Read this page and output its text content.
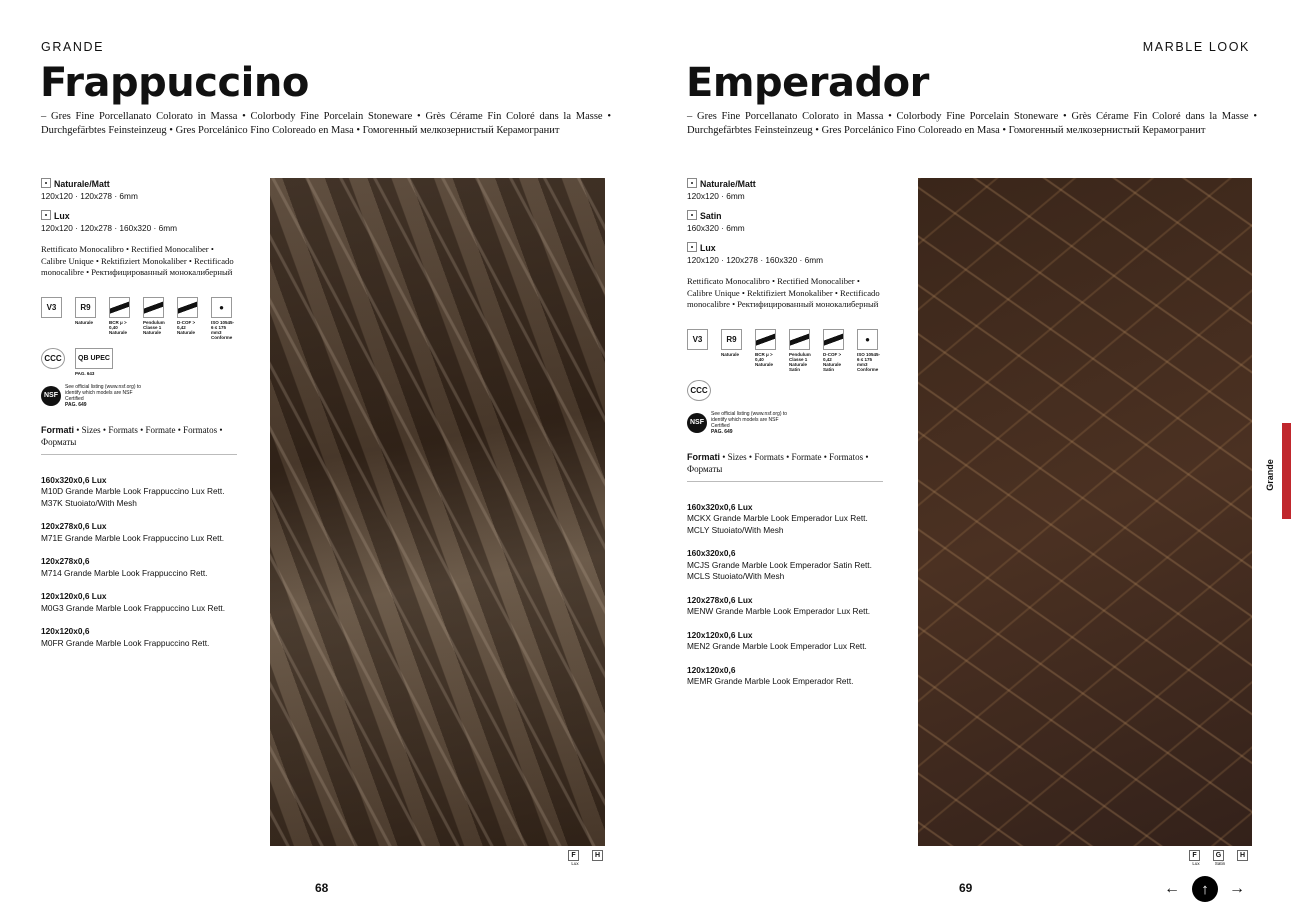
GRANDE	MARBLE LOOK
Frappuccino	Emperador
– Gres Fine Porcellanato Colorato in Massa • Colorbody Fine Porcelain Stoneware • Grès Cérame Fin Coloré dans la Masse • Durchgefärbtes Feinsteinzeug • Gres Porcelánico Fino Coloreado en Masa • Гомогенный мелкозернистый Керамогранит
– Gres Fine Porcellanato Colorato in Massa • Colorbody Fine Porcelain Stoneware • Grès Cérame Fin Coloré dans la Masse • Durchgefärbtes Feinsteinzeug • Gres Porcelánico Fino Coloreado en Masa • Гомогенный мелкозернистый Керамогранит
Naturale/Matt
120x120 · 120x278 · 6mm
Lux
120x120 · 120x278 · 160x320 · 6mm
Rettificato Monocalibro • Rectified Monocaliber • Calibre Unique • Rektifiziert Monokaliber • Rectificado monocalibre • Ректифицированный монокалиберный
V3	R9
Naturale	BCR μ > 0,40 Naturale
Pendulum Classe 1 Naturale
D-COF > 0,42 Naturale
●
ISO 10545-6 ≤ 175 mm3 Conforme
CCC	QB UPEC
PAG. 643
NSF
See official listing (www.nsf.org) to identify which models are NSF Certified
PAG. 649
Formati • Sizes • Formats • Formate • Formatos • Форматы
160x320x0,6 Lux
M10D Grande Marble Look Frappuccino Lux Rett.
M37K Stuoiato/With Mesh
120x278x0,6 Lux
M71E Grande Marble Look Frappuccino Lux Rett.
120x278x0,6
M714 Grande Marble Look Frappuccino Rett.
120x120x0,6 Lux
M0G3 Grande Marble Look Frappuccino Lux Rett.
120x120x0,6
M0FR Grande Marble Look Frappuccino Rett.
Naturale/Matt
120x120 · 6mm
Satin
160x320 · 6mm
Lux
120x120 · 120x278 · 160x320 · 6mm
Rettificato Monocalibro • Rectified Monocaliber • Calibre Unique • Rektifiziert Monokaliber • Rectificado monocalibre • Ректифицированный монокалиберный
V3	R9
Naturale	BCR μ > 0,40 Naturale
Pendulum Classe 1 Naturale Satin
D-COF > 0,42 Naturale Satin
●
ISO 10545-6 ≤ 175 mm3 Conforme
CCC
NSF
See official listing (www.nsf.org) to identify which models are NSF Certified
PAG. 649
Formati • Sizes • Formats • Formate • Formatos • Форматы
160x320x0,6 Lux
MCKX Grande Marble Look Emperador Lux Rett.
MCLY Stuoiato/With Mesh
160x320x0,6
MCJS Grande Marble Look Emperador Satin Rett.
MCLS Stuoiato/With Mesh
120x278x0,6 Lux
MENW Grande Marble Look Emperador Lux Rett.
120x120x0,6 Lux
MEN2 Grande Marble Look Emperador Lux Rett.
120x120x0,6
MEMR Grande Marble Look Emperador Rett.
F
Lux
H	F
Lux
G
Satin
H
68	69
Grande
←	↑	→
